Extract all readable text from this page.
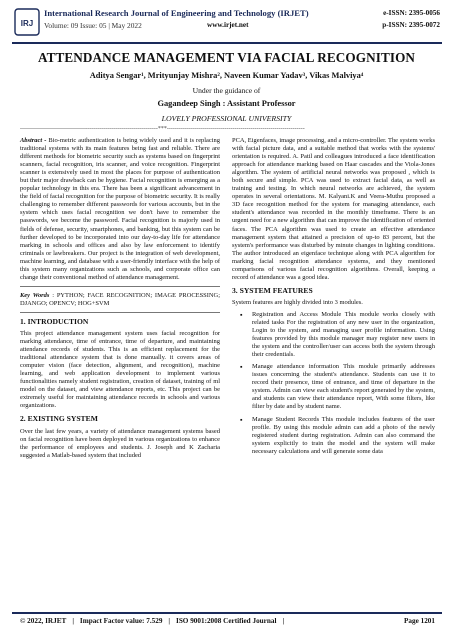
IRJ
International Research Journal of Engineering and Technology (IRJET)
Volume: 09 Issue: 05 | May 2022	www.irjet.net
e-ISSN: 2395-0056
p-ISSN: 2395-0072
ATTENDANCE MANAGEMENT VIA FACIAL RECOGNITION
Aditya Sengar¹, Mrityunjay Mishra², Naveen Kumar Yadav³, Vikas Malviya⁴
Under the guidance of
Gagandeep Singh : Assistant Professor
LOVELY PROFESSIONAL UNIVERSITY
---------------------------------------------------------------------***---------------------------------------------------------------------

Abstract - Bio-metric authentication is being widely used and it is replacing traditional systems with its main features being fast and reliable. There are different methods for biometric security such as systems based on fingerprint scanners, facial recognition, iris scanner, and voice recognition. Fingerprint scanner is extensively used in most the places for purpose of authentication but their major drawback can be hygiene. Facial recognition is emerging as a popular technology in this era. There has been a significant advancement in the field of facial recognition for the purpose of biometric security. It is really challenging to remember different passwords for various accounts, but in the system which uses facial recognition we don't have to remember the passwords, we become the password. Facial recognition is majorly used in fields of defense, security, smartphones, and banking, but this system can be further developed to be incorporated into our day-to-day life for attendance marking in schools and offices and also by law enforcement to identify criminals or lawbreakers. Our project is the integration of web development, machine learning, and database with a user-friendly interface with the help of this system many organizations such as schools, and corporate office can change their conventional method of attendance management.

Key Words : PYTHON; FACE RECOGNITION; IMAGE PROCESSING; DJANGO; OPENCV; HOG+SVM

1. INTRODUCTION

This project attendance management system uses facial recognition for marking attendance, time of entrance, time of departure, and maintaining attendance records of students. This is an efficient replacement for the traditional attendance system that is done manually. it covers areas of computer vision (face detection, alignment, and recognition), machine learning, and web application development to implement various functionalities namely student registration, creation of dataset, training of ml model on the dataset, and view attendance reports, etc. This project can be extremely useful for maintaining attendance records in schools and various organizations.

2. EXISTING SYSTEM

Over the last few years, a variety of attendance management systems based on facial recognition have been deployed in various organizations to enhance the performance of employees and students. J. Joseph and K Zacharia suggested a Matlab-based system that included

PCA, Eigenfaces, image processing, and a micro-controller. The system works with facial picture data, and a suitable method that works with the systems' orientation is required. A. Patil and colleagues introduced a face identification approach for attendance marking based on Haar cascades and the Viola-Jones algorithm. The system of artificial neural networks was proposed , which is both secure and simple. PCA was used to extract facial data, as well as training and testing. In which neural networks are achieved, the system operates in several orientations. M. Kalyani.K and Veera-Muthu proposed a 3D face recognition method for the system for managing attendance, each student's attendance was recorded in the monthly timeframe. There is an urgent need for a new algorithm that can improve the identification of oriented faces. The PCA algorithm was used to create an effective attendance management system that attained a precision of up-to 83 percent, but the system's performance was disturbed by minute changes in lighting conditions. The author introduced an eigenface technique along with PCA algorithm for marking facial recognition attendance systems, and they mentioned comparisons of various facial recognition algorithms. Overall, keeping a record of attendance was a good idea.

3. SYSTEM FEATURES

System features are highly divided into 3 modules.

▪ Registration and Access Module This module works closely with related tasks For the registration of any new user in the organization, Login to the system, and managing user profile information. Using features provided by this module manager may register new users in the system and the controller/user can access both the system through their credentials.
▪ Manage attendance information This module primarily addresses issues concerning the student's attendance. Students can use it to record their presence, time of entrance, and time of departure in the system. Admin can view each student's report generated by the system, and students can view their attendance report, With some filters, like filter by date and by student name.
▪ Manage Student Records This module includes features of the user profile. By using this module admin can add a photo of the newly registered student during registration. Admin can also command the system explicitly to train the model and the system will make necessary calculations and will generate some data
© 2022, IRJET | Impact Factor value: 7.529 | ISO 9001:2008 Certified Journal |	Page 1201
